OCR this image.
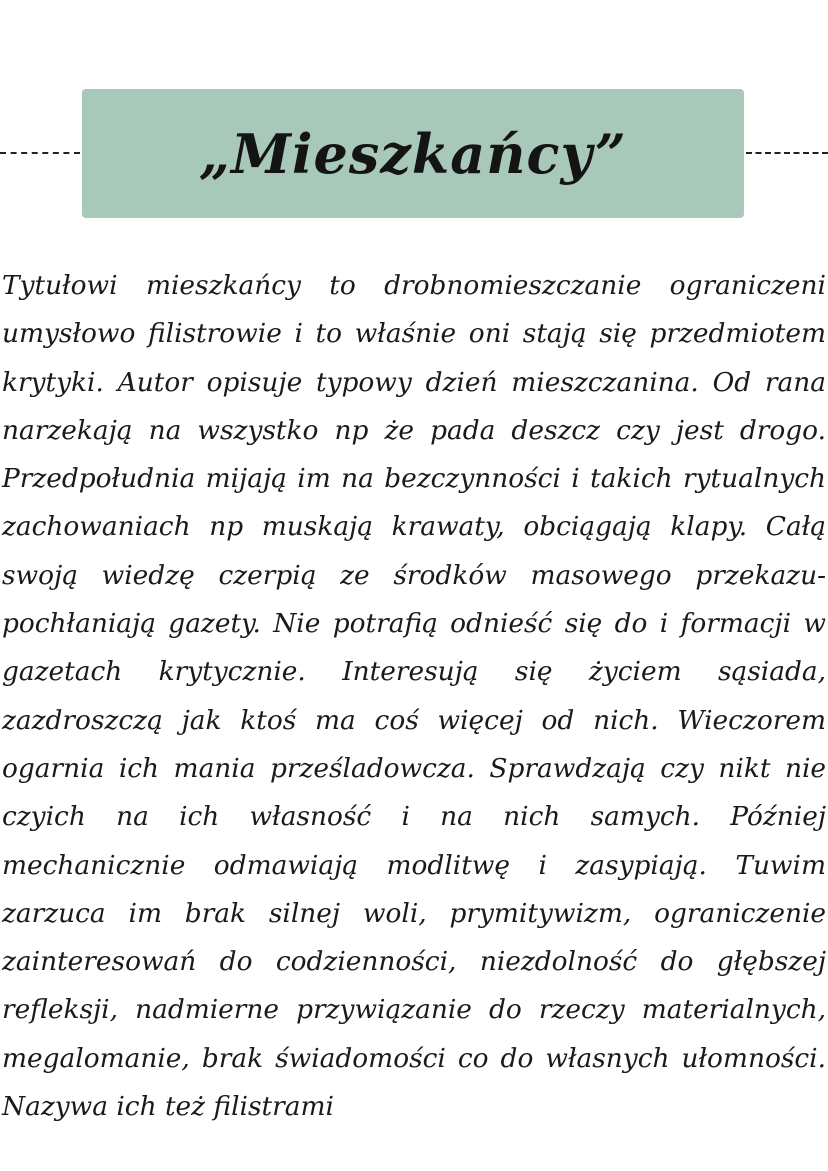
„Mieszkańcy”

Tytułowi mieszkańcy to drobnomieszczanie ograniczeni umysłowo filistrowie i to właśnie oni stają się przedmiotem krytyki. Autor opisuje typowy dzień mieszczanina. Od rana narzekają na wszystko np że pada deszcz czy jest drogo. Przedpołudnia mijają im na bezczynności i takich rytualnych zachowaniach np muskają krawaty, obciągają klapy. Całą swoją wiedzę czerpią ze środków masowego przekazu- pochłaniają gazety. Nie potrafią odnieść się do i formacji w gazetach krytycznie. Interesują się życiem sąsiada, zazdroszczą jak ktoś ma coś więcej od nich. Wieczorem ogarnia ich mania prześladowcza. Sprawdzają czy nikt nie czyich na ich własność i na nich samych. Później mechanicznie odmawiają modlitwę i zasypiają. Tuwim zarzuca im brak silnej woli, prymitywizm, ograniczenie zainteresowań do codzienności, niezdolność do głębszej refleksji, nadmierne przywiązanie do rzeczy materialnych, megalomanie, brak świadomości co do własnych ułomności. Nazywa ich też filistrami
